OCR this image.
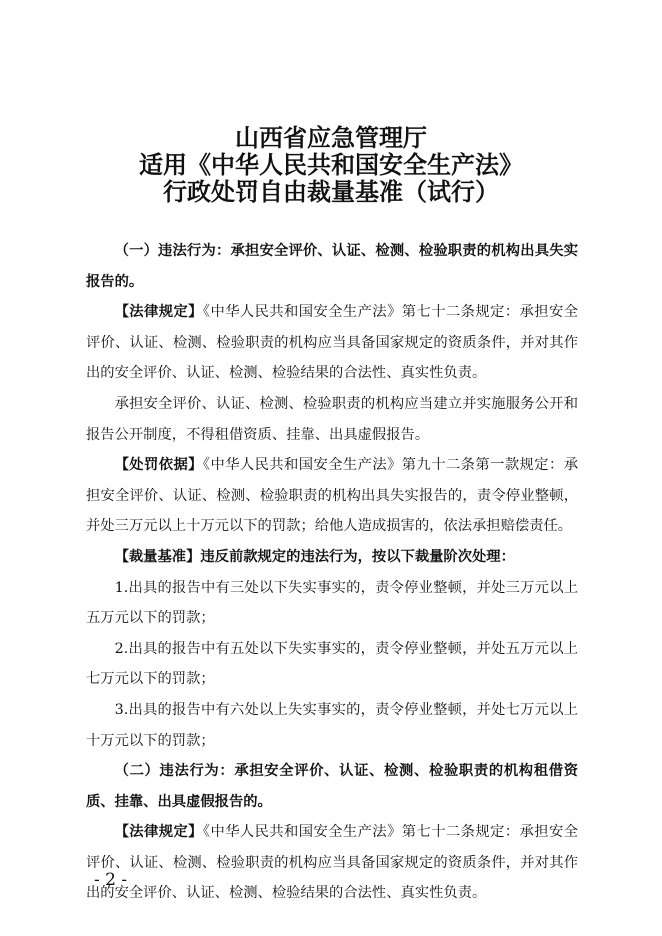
山西省应急管理厅
适用《中华人民共和国安全生产法》
行政处罚自由裁量基准（试行）

（一）违法行为：承担安全评价、认证、检测、检验职责的机构出具失实报告的。

【法律规定】《中华人民共和国安全生产法》第七十二条规定：承担安全评价、认证、检测、检验职责的机构应当具备国家规定的资质条件，并对其作出的安全评价、认证、检测、检验结果的合法性、真实性负责。

承担安全评价、认证、检测、检验职责的机构应当建立并实施服务公开和报告公开制度，不得租借资质、挂靠、出具虚假报告。

【处罚依据】《中华人民共和国安全生产法》第九十二条第一款规定：承担安全评价、认证、检测、检验职责的机构出具失实报告的，责令停业整顿，并处三万元以上十万元以下的罚款；给他人造成损害的，依法承担赔偿责任。

【裁量基准】违反前款规定的违法行为，按以下裁量阶次处理：

1.出具的报告中有三处以下失实事实的，责令停业整顿，并处三万元以上五万元以下的罚款；

2.出具的报告中有五处以下失实事实的，责令停业整顿，并处五万元以上七万元以下的罚款；

3.出具的报告中有六处以上失实事实的，责令停业整顿，并处七万元以上十万元以下的罚款；

（二）违法行为：承担安全评价、认证、检测、检验职责的机构租借资质、挂靠、出具虚假报告的。

【法律规定】《中华人民共和国安全生产法》第七十二条规定：承担安全评价、认证、检测、检验职责的机构应当具备国家规定的资质条件，并对其作出的安全评价、认证、检测、检验结果的合法性、真实性负责。

- 2 -
